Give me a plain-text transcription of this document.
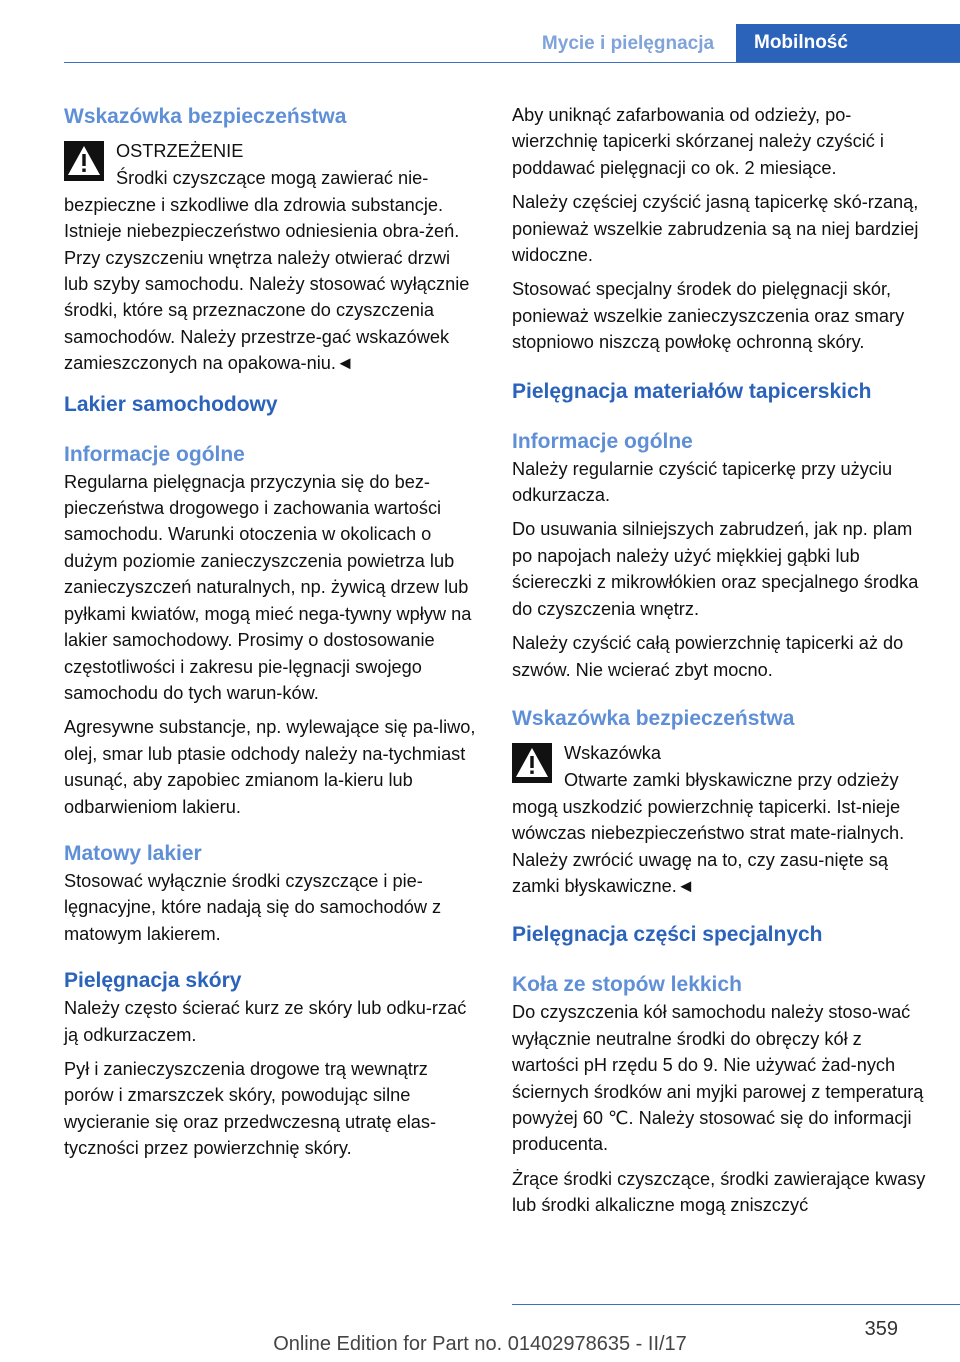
Mycie i pielęgnacja	Mobilność
Wskazówka bezpieczeństwa
OSTRZEŻENIE
Środki czyszczące mogą zawierać nie-

bezpieczne i szkodliwe dla zdrowia substancje. Istnieje niebezpieczeństwo odniesienia obra-żeń. Przy czyszczeniu wnętrza należy otwierać drzwi lub szyby samochodu. Należy stosować wyłącznie środki, które są przeznaczone do czyszczenia samochodów. Należy przestrze-gać wskazówek zamieszczonych na opakowa-niu.◄

Lakier samochodowy
Informacje ogólne

Regularna pielęgnacja przyczynia się do bez-pieczeństwa drogowego i zachowania wartości samochodu. Warunki otoczenia w okolicach o dużym poziomie zanieczyszczenia powietrza lub zanieczyszczeń naturalnych, np. żywicą drzew lub pyłkami kwiatów, mogą mieć nega-tywny wpływ na lakier samochodowy. Prosimy o dostosowanie częstotliwości i zakresu pie-lęgnacji swojego samochodu do tych warun-ków.

Agresywne substancje, np. wylewające się pa-liwo, olej, smar lub ptasie odchody należy na-tychmiast usunąć, aby zapobiec zmianom la-kieru lub odbarwieniom lakieru.

Matowy lakier

Stosować wyłącznie środki czyszczące i pie-lęgnacyjne, które nadają się do samochodów z matowym lakierem.

Pielęgnacja skóry

Należy często ścierać kurz ze skóry lub odku-rzać ją odkurzaczem.

Pył i zanieczyszczenia drogowe trą wewnątrz porów i zmarszczek skóry, powodując silne wycieranie się oraz przedwczesną utratę elas-tyczności przez powierzchnię skóry.

Aby uniknąć zafarbowania od odzieży, po-wierzchnię tapicerki skórzanej należy czyścić i poddawać pielęgnacji co ok. 2 miesiące.

Należy częściej czyścić jasną tapicerkę skó-rzaną, ponieważ wszelkie zabrudzenia są na niej bardziej widoczne.

Stosować specjalny środek do pielęgnacji skór, ponieważ wszelkie zanieczyszczenia oraz smary stopniowo niszczą powłokę ochronną skóry.

Pielęgnacja materiałów tapicerskich
Informacje ogólne

Należy regularnie czyścić tapicerkę przy użyciu odkurzacza.

Do usuwania silniejszych zabrudzeń, jak np. plam po napojach należy użyć miękkiej gąbki lub ściereczki z mikrowłókien oraz specjalnego środka do czyszczenia wnętrz.

Należy czyścić całą powierzchnię tapicerki aż do szwów. Nie wcierać zbyt mocno.

Wskazówka bezpieczeństwa
Wskazówka
Otwarte zamki błyskawiczne przy odzieży

mogą uszkodzić powierzchnię tapicerki. Ist-nieje wówczas niebezpieczeństwo strat mate-rialnych. Należy zwrócić uwagę na to, czy zasu-nięte są zamki błyskawiczne.◄

Pielęgnacja części specjalnych
Koła ze stopów lekkich

Do czyszczenia kół samochodu należy stoso-wać wyłącznie neutralne środki do obręczy kół z wartości pH rzędu 5 do 9. Nie używać żad-nych ściernych środków ani myjki parowej z temperaturą powyżej 60 ℃. Należy stosować się do informacji producenta.

Żrące środki czyszczące, środki zawierające kwasy lub środki alkaliczne mogą zniszczyć

359
Online Edition for Part no. 01402978635 - II/17
